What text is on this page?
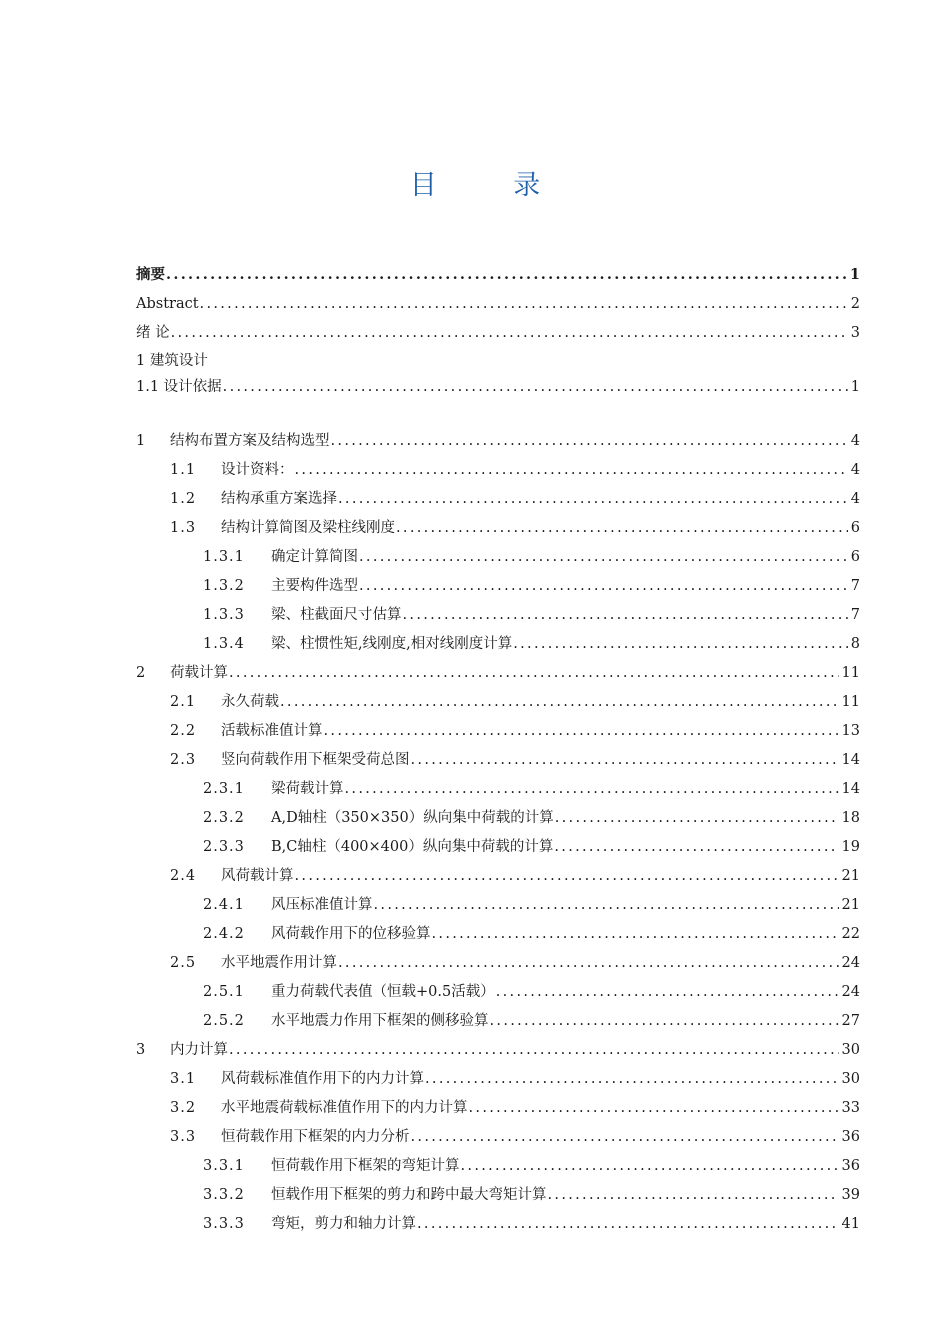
目 录
摘要 .....	1
Abstract .....	2
绪 论 .....	3
1 建筑设计
1.1 设计依据 .....	1
1	结构布置方案及结构选型 .....	4
1.1	设计资料： .....	4
1.2	结构承重方案选择 .....	4
1.3	结构计算简图及梁柱线刚度 .....	6
1.3.1	确定计算简图 .....	6
1.3.2	主要构件选型 .....	7
1.3.3	梁、柱截面尺寸估算 .....	7
1.3.4	梁、柱惯性矩,线刚度,相对线刚度计算 .....	8
2	荷载计算 .....	11
2.1	永久荷载 .....	11
2.2	活载标准值计算 .....	13
2.3	竖向荷载作用下框架受荷总图 .....	14
2.3.1	梁荷载计算 .....	14
2.3.2	A,D轴柱（350×350）纵向集中荷载的计算 .....	18
2.3.3	B,C轴柱（400×400）纵向集中荷载的计算 .....	19
2.4	风荷载计算 .....	21
2.4.1	风压标准值计算 .....	21
2.4.2	风荷载作用下的位移验算 .....	22
2.5	水平地震作用计算 .....	24
2.5.1	重力荷载代表值（恒载+0.5活载） .....	24
2.5.2	水平地震力作用下框架的侧移验算 .....	27
3	内力计算 .....	30
3.1	风荷载标准值作用下的内力计算 .....	30
3.2	水平地震荷载标准值作用下的内力计算 .....	33
3.3	恒荷载作用下框架的内力分析 .....	36
3.3.1	恒荷载作用下框架的弯矩计算 .....	36
3.3.2	恒载作用下框架的剪力和跨中最大弯矩计算 .....	39
3.3.3	弯矩，剪力和轴力计算 .....	41
